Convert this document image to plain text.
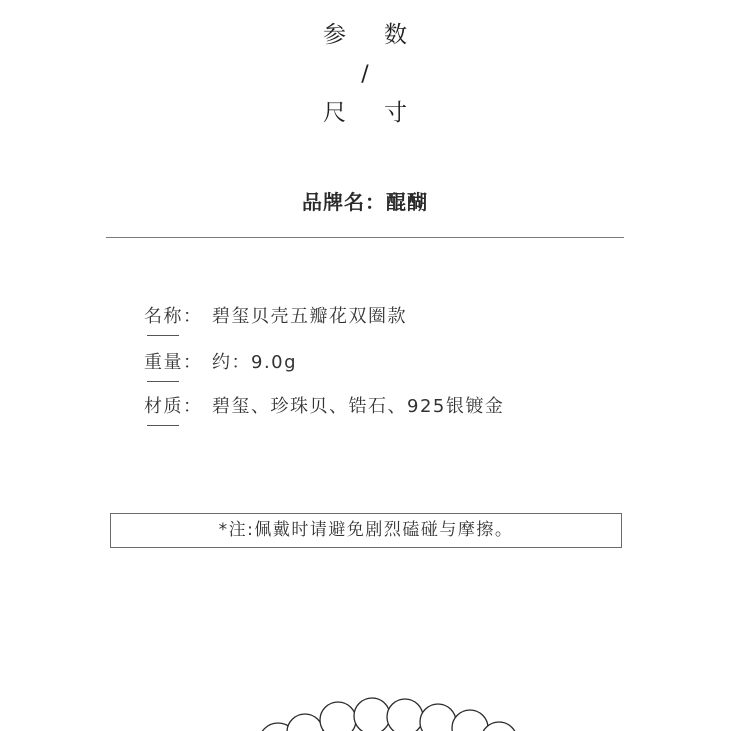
参数
/
尺寸
品牌名：醌醐
名称： 碧玺贝壳五瓣花双圈款
重量： 约：9.0g
材质： 碧玺、珍珠贝、锆石、925银镀金
*注:佩戴时请避免剧烈磕碰与摩擦。
